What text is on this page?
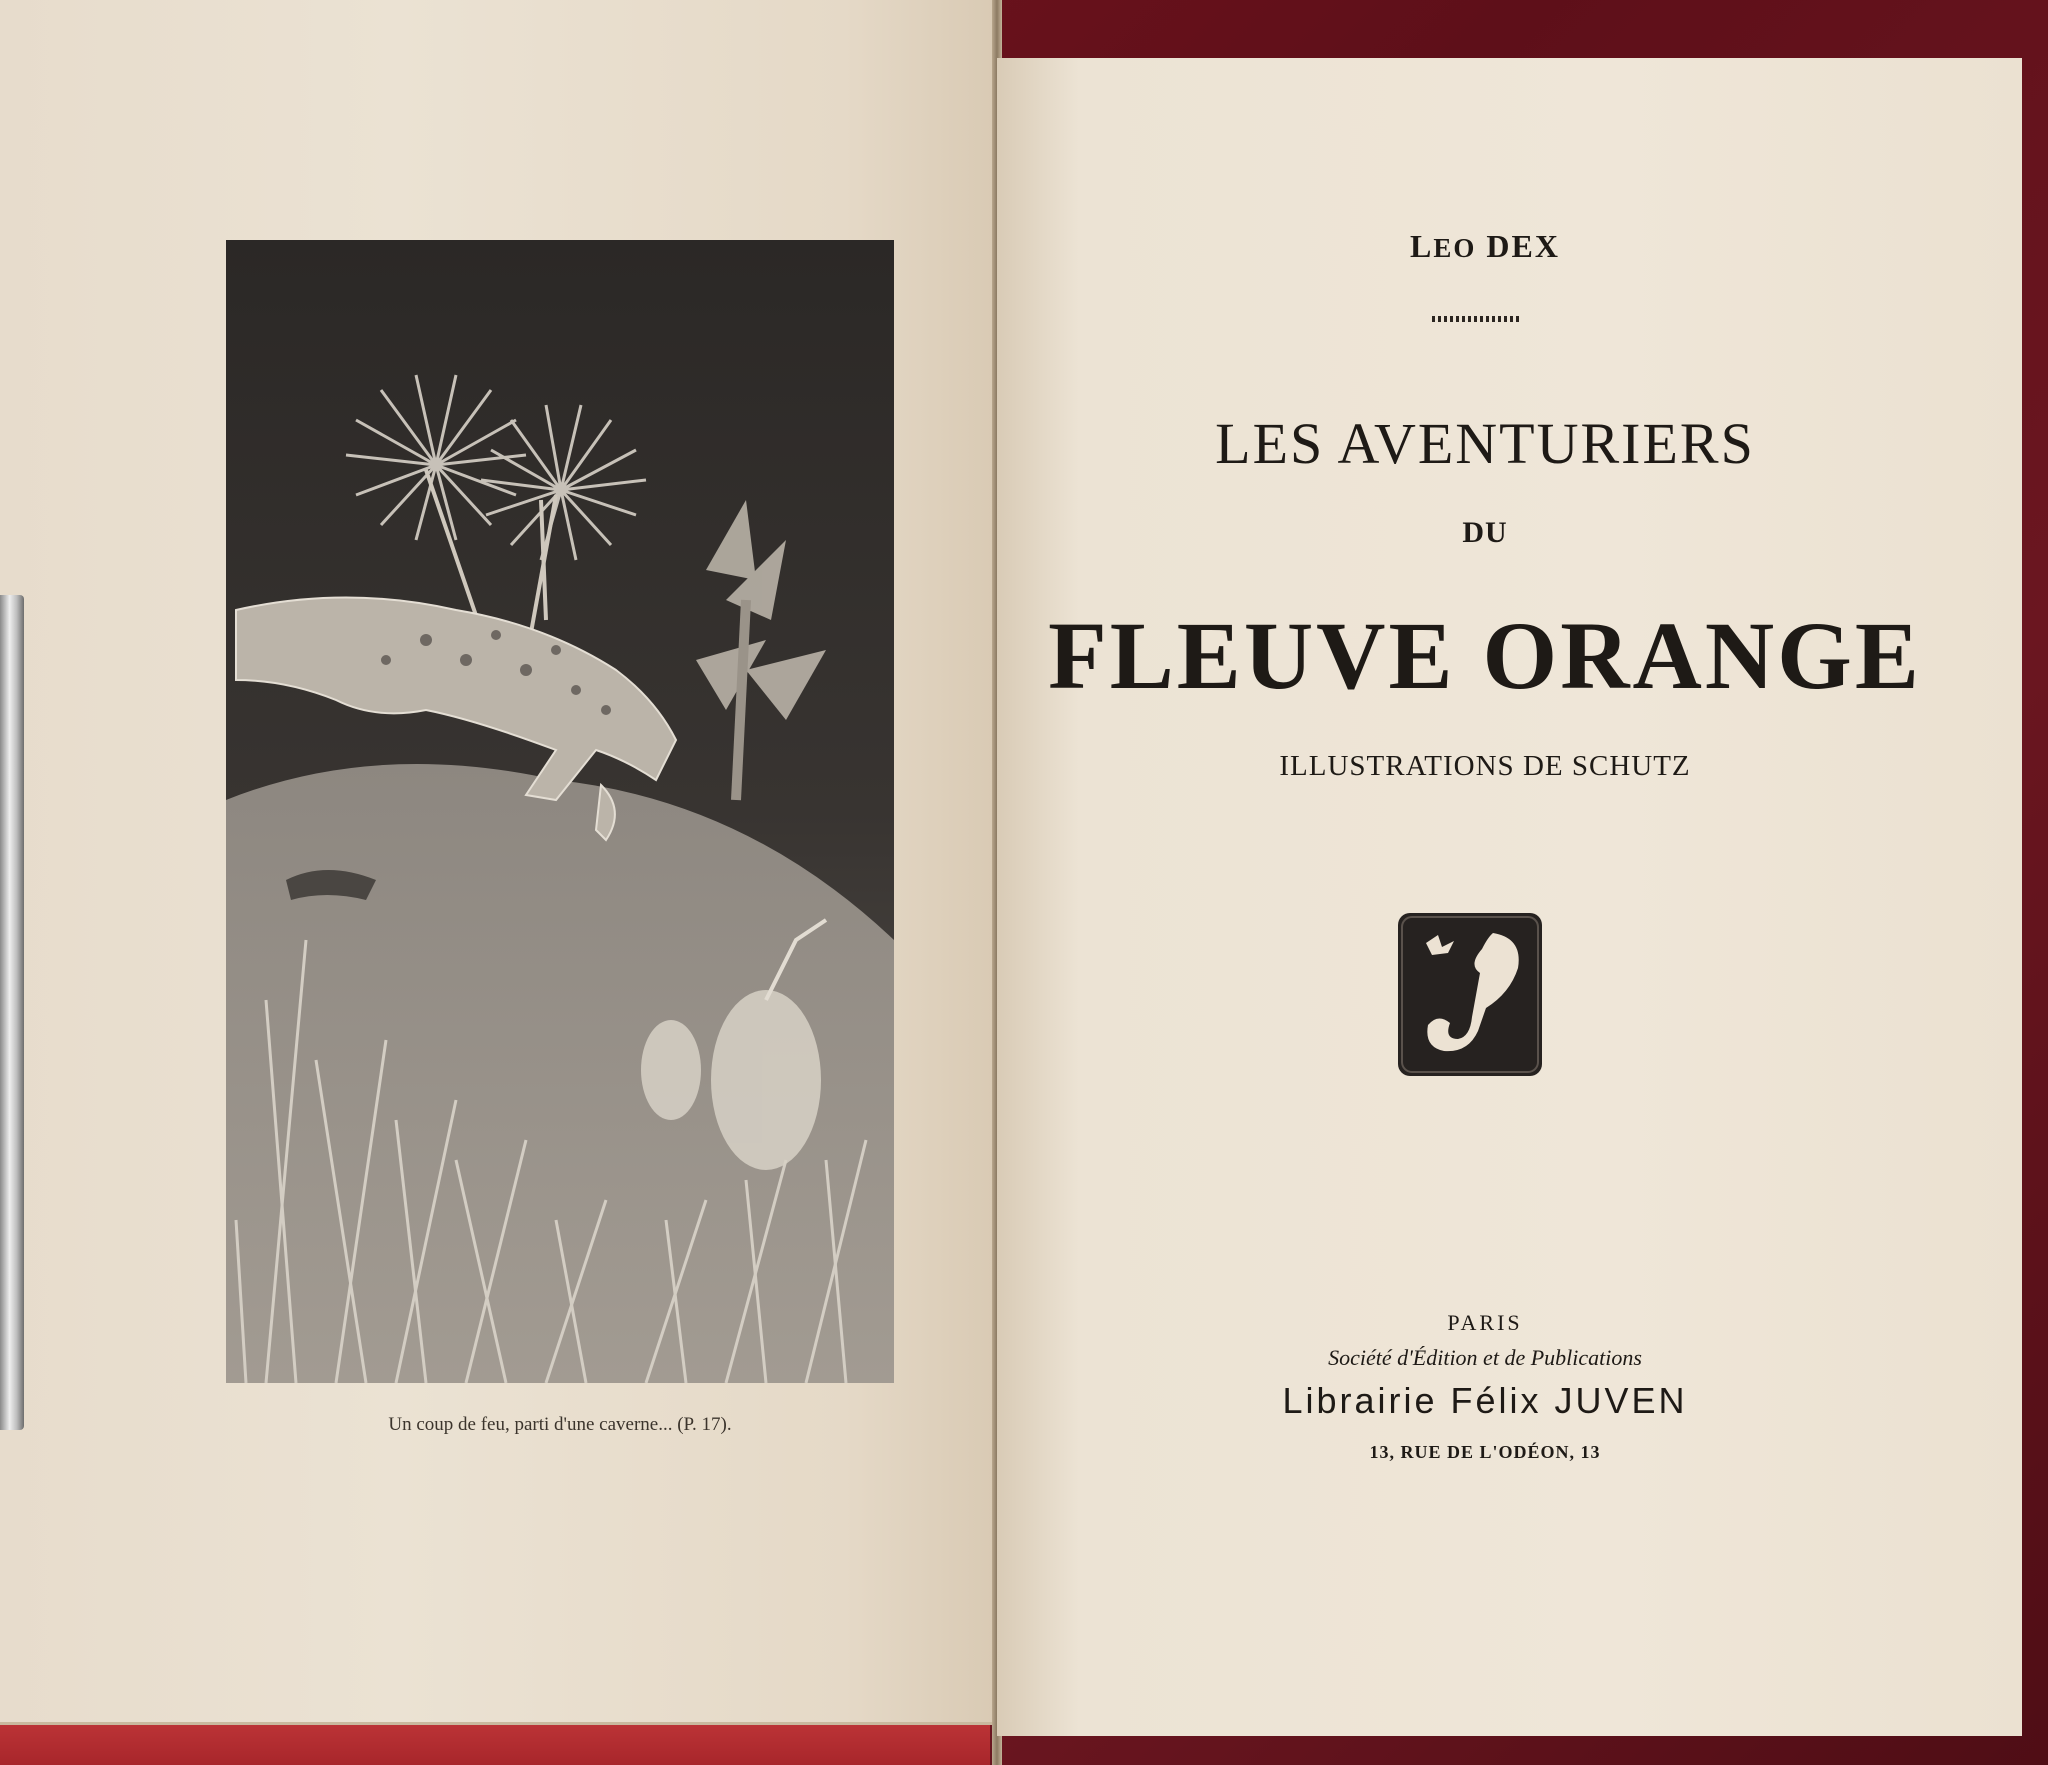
Un coup de feu, parti d'une caverne... (P. 17).
LEO DEX
LES AVENTURIERS
DU
FLEUVE ORANGE
ILLUSTRATIONS DE SCHUTZ
PARIS
Société d'Édition et de Publications
Librairie Félix JUVEN
13, RUE DE L'ODÉON, 13
